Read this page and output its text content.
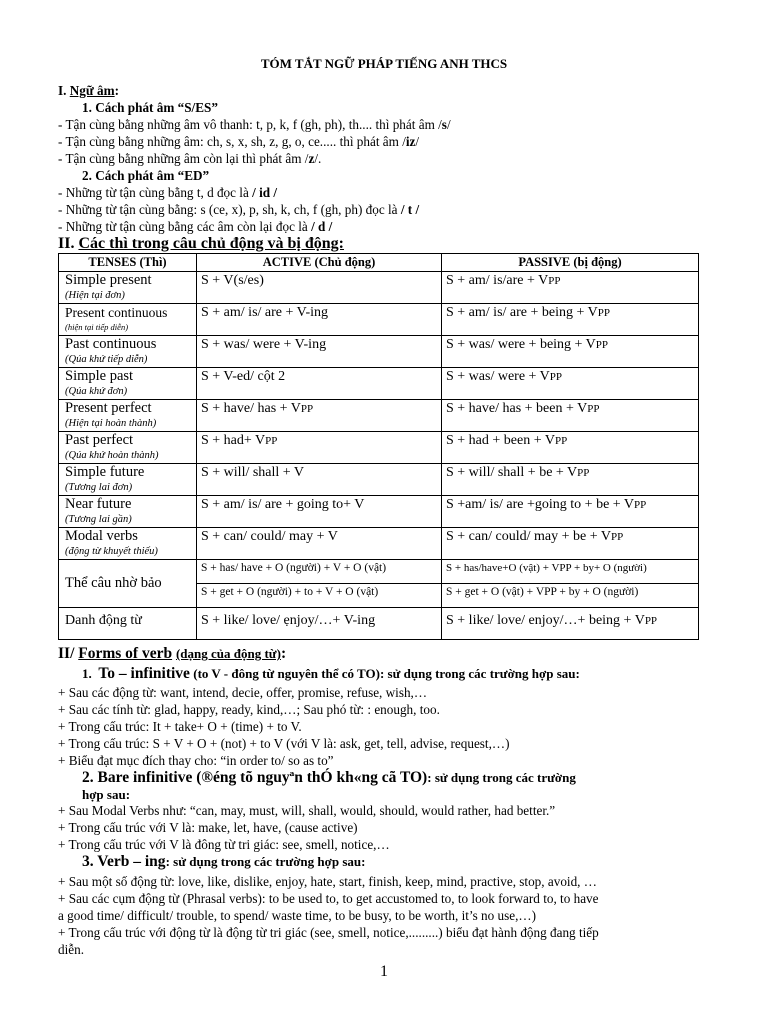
TÓM TẮT NGỮ PHÁP TIẾNG ANH THCS
I. Ngữ âm:
1. Cách phát âm “S/ES”
- Tận cùng bằng những âm vô thanh: t, p, k, f (gh, ph), th.... thì phát âm /s/
- Tận cùng bằng những âm: ch, s, x, sh, z, g, o, ce..... thì phát âm /iz/
- Tận cùng bằng những âm còn lại thì phát âm /z/.
2. Cách phát âm “ED”
- Những từ tận cùng bằng t, d đọc là / id /
- Những từ tận cùng bằng: s (ce, x), p, sh, k, ch, f (gh, ph) đọc là / t /
- Những từ tận cùng bằng các âm còn lại đọc là / d /
II. Các thì trong câu chủ động và bị động:
TENSES (Thì)	ACTIVE (Chủ động)	PASSIVE (bị động)

Simple present
(Hiện tại đơn)	S + V(s/es)	S + am/ is/are + VPP

Present continuous
(hiện tại tiếp diễn)	S + am/ is/ are + V-ing	S + am/ is/ are + being + VPP

Past continuous
(Qúa khứ tiếp diễn)	S + was/ were + V-ing	S + was/ were + being + VPP

Simple past
(Qúa khứ đơn)	S + V-ed/ cột 2	S + was/ were + VPP

Present perfect
(Hiện tại hoàn thành)	S + have/ has + VPP	S + have/ has + been + VPP

Past perfect
(Qúa khứ hoàn thành)	S + had+ VPP	S + had + been + VPP

Simple future
(Tương lai đơn)	S + will/ shall + V	S + will/ shall + be + VPP

Near future
(Tương lai gần)	S + am/ is/ are + going to+ V	S +am/ is/ are +going to + be + VPP

Modal verbs
(động từ khuyết thiếu)	S + can/ could/ may + V	S + can/ could/ may + be + VPP
Thể câu nhờ bảo	S + has/ have + O (người) + V + O (vật)	S + has/have+O (vật) + VPP + by+ O (người)
	S + get + O (người) + to + V + O (vật)	S + get + O (vật) + VPP + by + O (người)
Danh động từ	S + like/ love/ ẹnjoy/…+ V-ing	S + like/ love/ enjoy/…+ being + VPP
II/ Forms of verb (dạng của động từ):
1. To – infinitive (to V - đông từ nguyên thể có TO): sử dụng trong các trường hợp sau:
+ Sau các động từ: want, intend, decie, offer, promise, refuse, wish,…
+ Sau các tính từ: glad, happy, ready, kind,…; Sau phó từ: : enough, too.
+ Trong cấu trúc: It + take+ O + (time) + to V.
+ Trong cấu trúc: S + V + O + (not) + to V (với V là: ask, get, tell, advise, request,…)
+ Biểu đạt mục đích thay cho: “in order to/ so as to”
2. Bare infinitive (®éng tõ nguyªn thÓ kh«ng cã TO): sử dụng trong các trường
hợp sau:
+ Sau Modal Verbs như: “can, may, must, will, shall, would, should, would rather, had better.”
+ Trong cấu trúc với V là: make, let, have, (cause active)
+ Trong cấu trúc với V là đông từ tri giác: see, smell, notice,…
3. Verb – ing: sử dụng trong các trường hợp sau:
+ Sau một số động từ: love, like, dislike, enjoy, hate, start, finish, keep, mind, practive, stop, avoid, …
+ Sau các cụm động từ (Phrasal verbs): to be used to, to get accustomed to, to look forward to, to have
a good time/ difficult/ trouble, to spend/ waste time, to be busy, to be worth, it’s no use,…)
+ Trong cấu trúc với động từ là động từ tri giác (see, smell, notice,.........) biểu đạt hành động đang tiếp
diễn.
1
